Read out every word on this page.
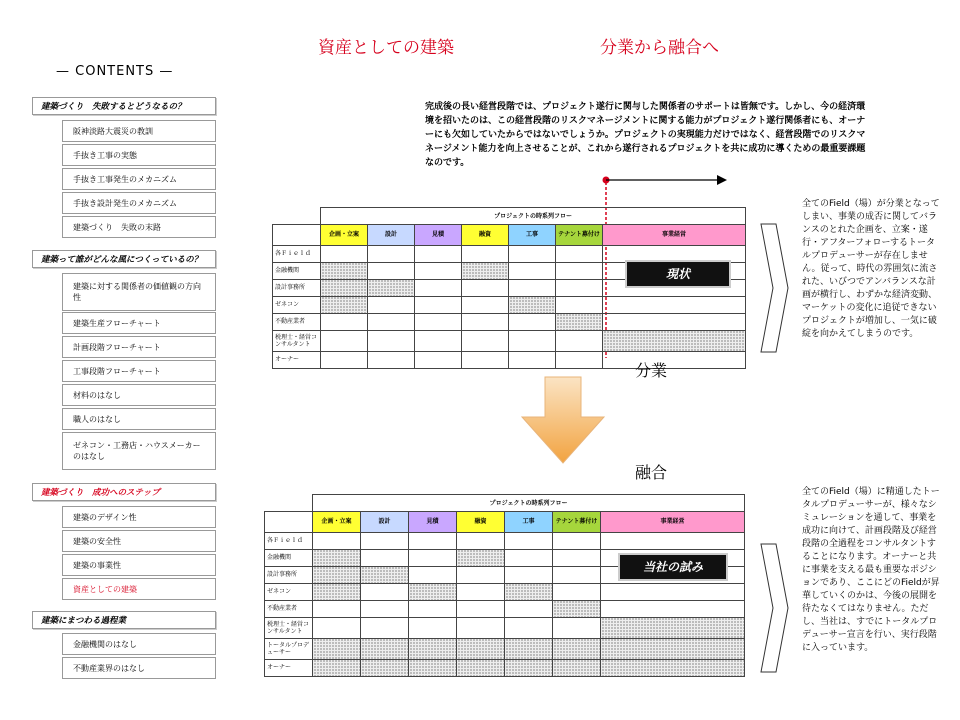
資産としての建築	分業から融合へ
— CONTENTS —
建築づくり　失敗するとどうなるの？
阪神淡路大震災の教訓
手抜き工事の実態
手抜き工事発生のメカニズム
手抜き設計発生のメカニズム
建築づくり　失敗の末路
建築って誰がどんな風につくっているの？
建築に対する関係者の価値観の方向性
建築生産フローチャート
計画段階フローチャート
工事段階フローチャート
材料のはなし
職人のはなし
ゼネコン・工務店・ハウスメーカーのはなし
建築づくり　成功へのステップ
建築のデザイン性
建築の安全性
建築の事業性
資産としての建築
建築にまつわる過程業
金融機関のはなし
不動産業界のはなし
完成後の長い経営段階では、プロジェクト遂行に関与した関係者のサポートは皆無です。しかし、今の経済環境を招いたのは、この経営段階のリスクマネージメントに関する能力がプロジェクト遂行関係者にも、オーナーにも欠如していたからではないでしょうか。プロジェクトの実現能力だけではなく、経営段階でのリスクマネージメント能力を向上させることが、これから遂行されるプロジェクトを共に成功に導くための最重要課題なのです。
	プロジェクトの時系列フロー						
	企画・立案	設計	見積	融資	工事	テナント募付け	事業経営
各Ｆｉｅｌｄ							
金融機関							
設計事務所							
ゼネコン							
不動産業者							
税理士・経営コンサルタント							
オーナー							
現状
全てのField（場）が分業となってしまい、事業の成否に関してバランスのとれた企画を、立案・遂行・アフターフォローするトータルプロデューサーが存在しません。従って、時代の雰囲気に流された、いびつでアンバランスな計画が横行し、わずかな経済変動、マーケットの変化に追従できないプロジェクトが増加し、一気に破綻を向かえてしまうのです。
分業
融合
	プロジェクトの時系列フロー						
	企画・立案	設計	見積	融資	工事	テナント募付け	事業経営
各Ｆｉｅｌｄ							
金融機関							
設計事務所							
ゼネコン							
不動産業者							
税理士・経営コンサルタント							
トータルプロデューサー							
オーナー							
当社の試み
全てのField（場）に精通したトータルプロデューサーが、様々なシミュレーションを通して、事業を成功に向けて、計画段階及び経営段階の全過程をコンサルタントすることになります。オーナーと共に事業を支える最も重要なポジションであり、ここにどのFieldが昇華していくのかは、今後の展開を待たなくてはなりません。ただし、当社は、すでにトータルプロデューサー宣言を行い、実行段階に入っています。
